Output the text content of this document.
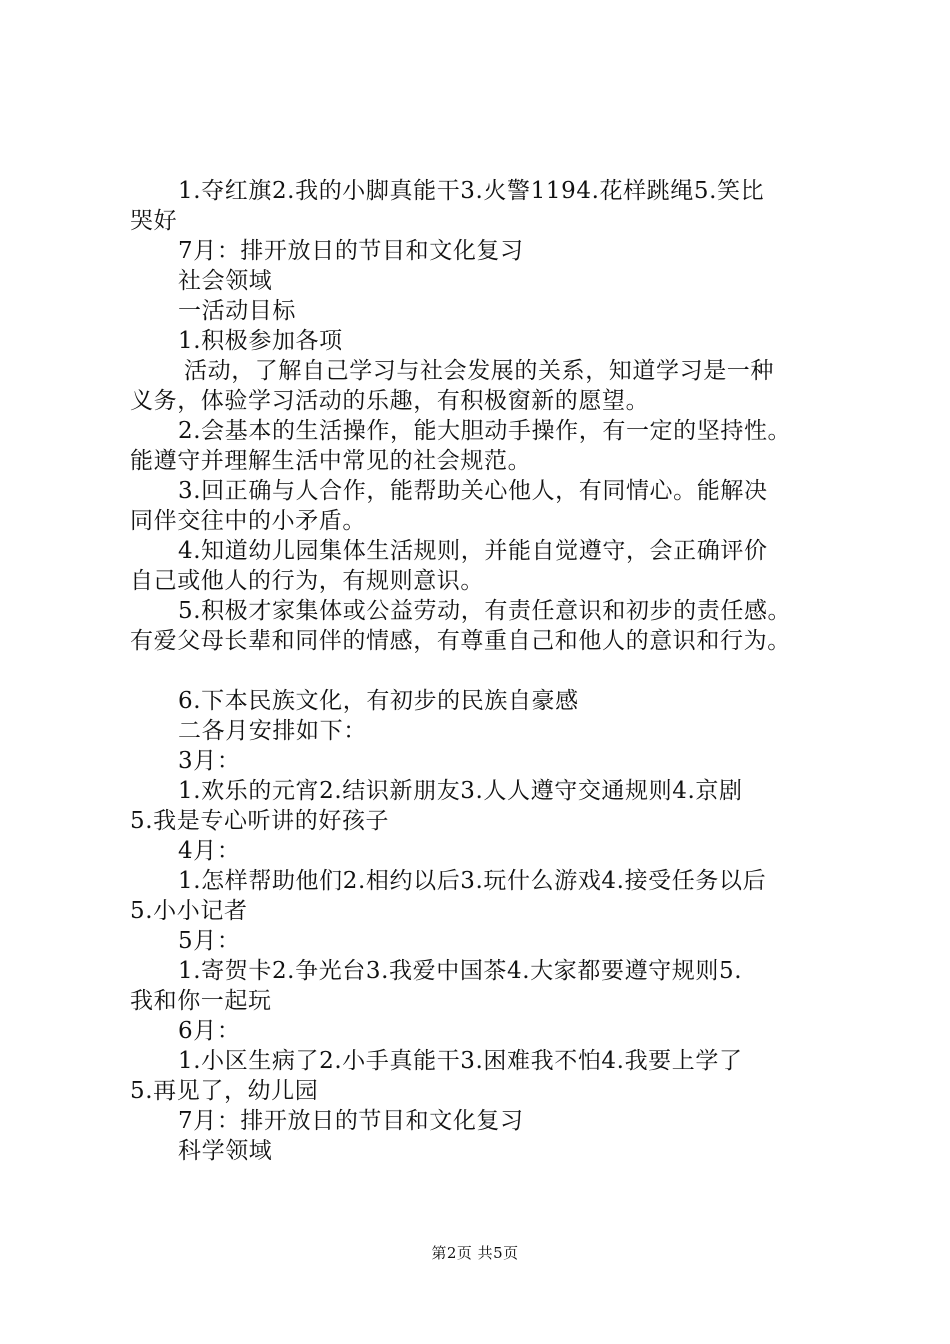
1.夺红旗2.我的小脚真能干3.火警1194.花样跳绳5.笑比
哭好
7月：排开放日的节目和文化复习
社会领域
一活动目标
1.积极参加各项
活动，了解自己学习与社会发展的关系，知道学习是一种
义务，体验学习活动的乐趣，有积极窗新的愿望。
2.会基本的生活操作，能大胆动手操作，有一定的坚持性。
能遵守并理解生活中常见的社会规范。
3.回正确与人合作，能帮助关心他人，有同情心。能解决
同伴交往中的小矛盾。
4.知道幼儿园集体生活规则，并能自觉遵守，会正确评价
自己或他人的行为，有规则意识。
5.积极才家集体或公益劳动，有责任意识和初步的责任感。
有爱父母长辈和同伴的情感，有尊重自己和他人的意识和行为。
6.下本民族文化，有初步的民族自豪感
二各月安排如下：
3月：
1.欢乐的元宵2.结识新朋友3.人人遵守交通规则4.京剧
5.我是专心听讲的好孩子
4月：
1.怎样帮助他们2.相约以后3.玩什么游戏4.接受任务以后
5.小小记者
5月：
1.寄贺卡2.争光台3.我爱中国茶4.大家都要遵守规则5.
我和你一起玩
6月：
1.小区生病了2.小手真能干3.困难我不怕4.我要上学了
5.再见了，幼儿园
7月：排开放日的节目和文化复习
科学领域
第2页 共5页
